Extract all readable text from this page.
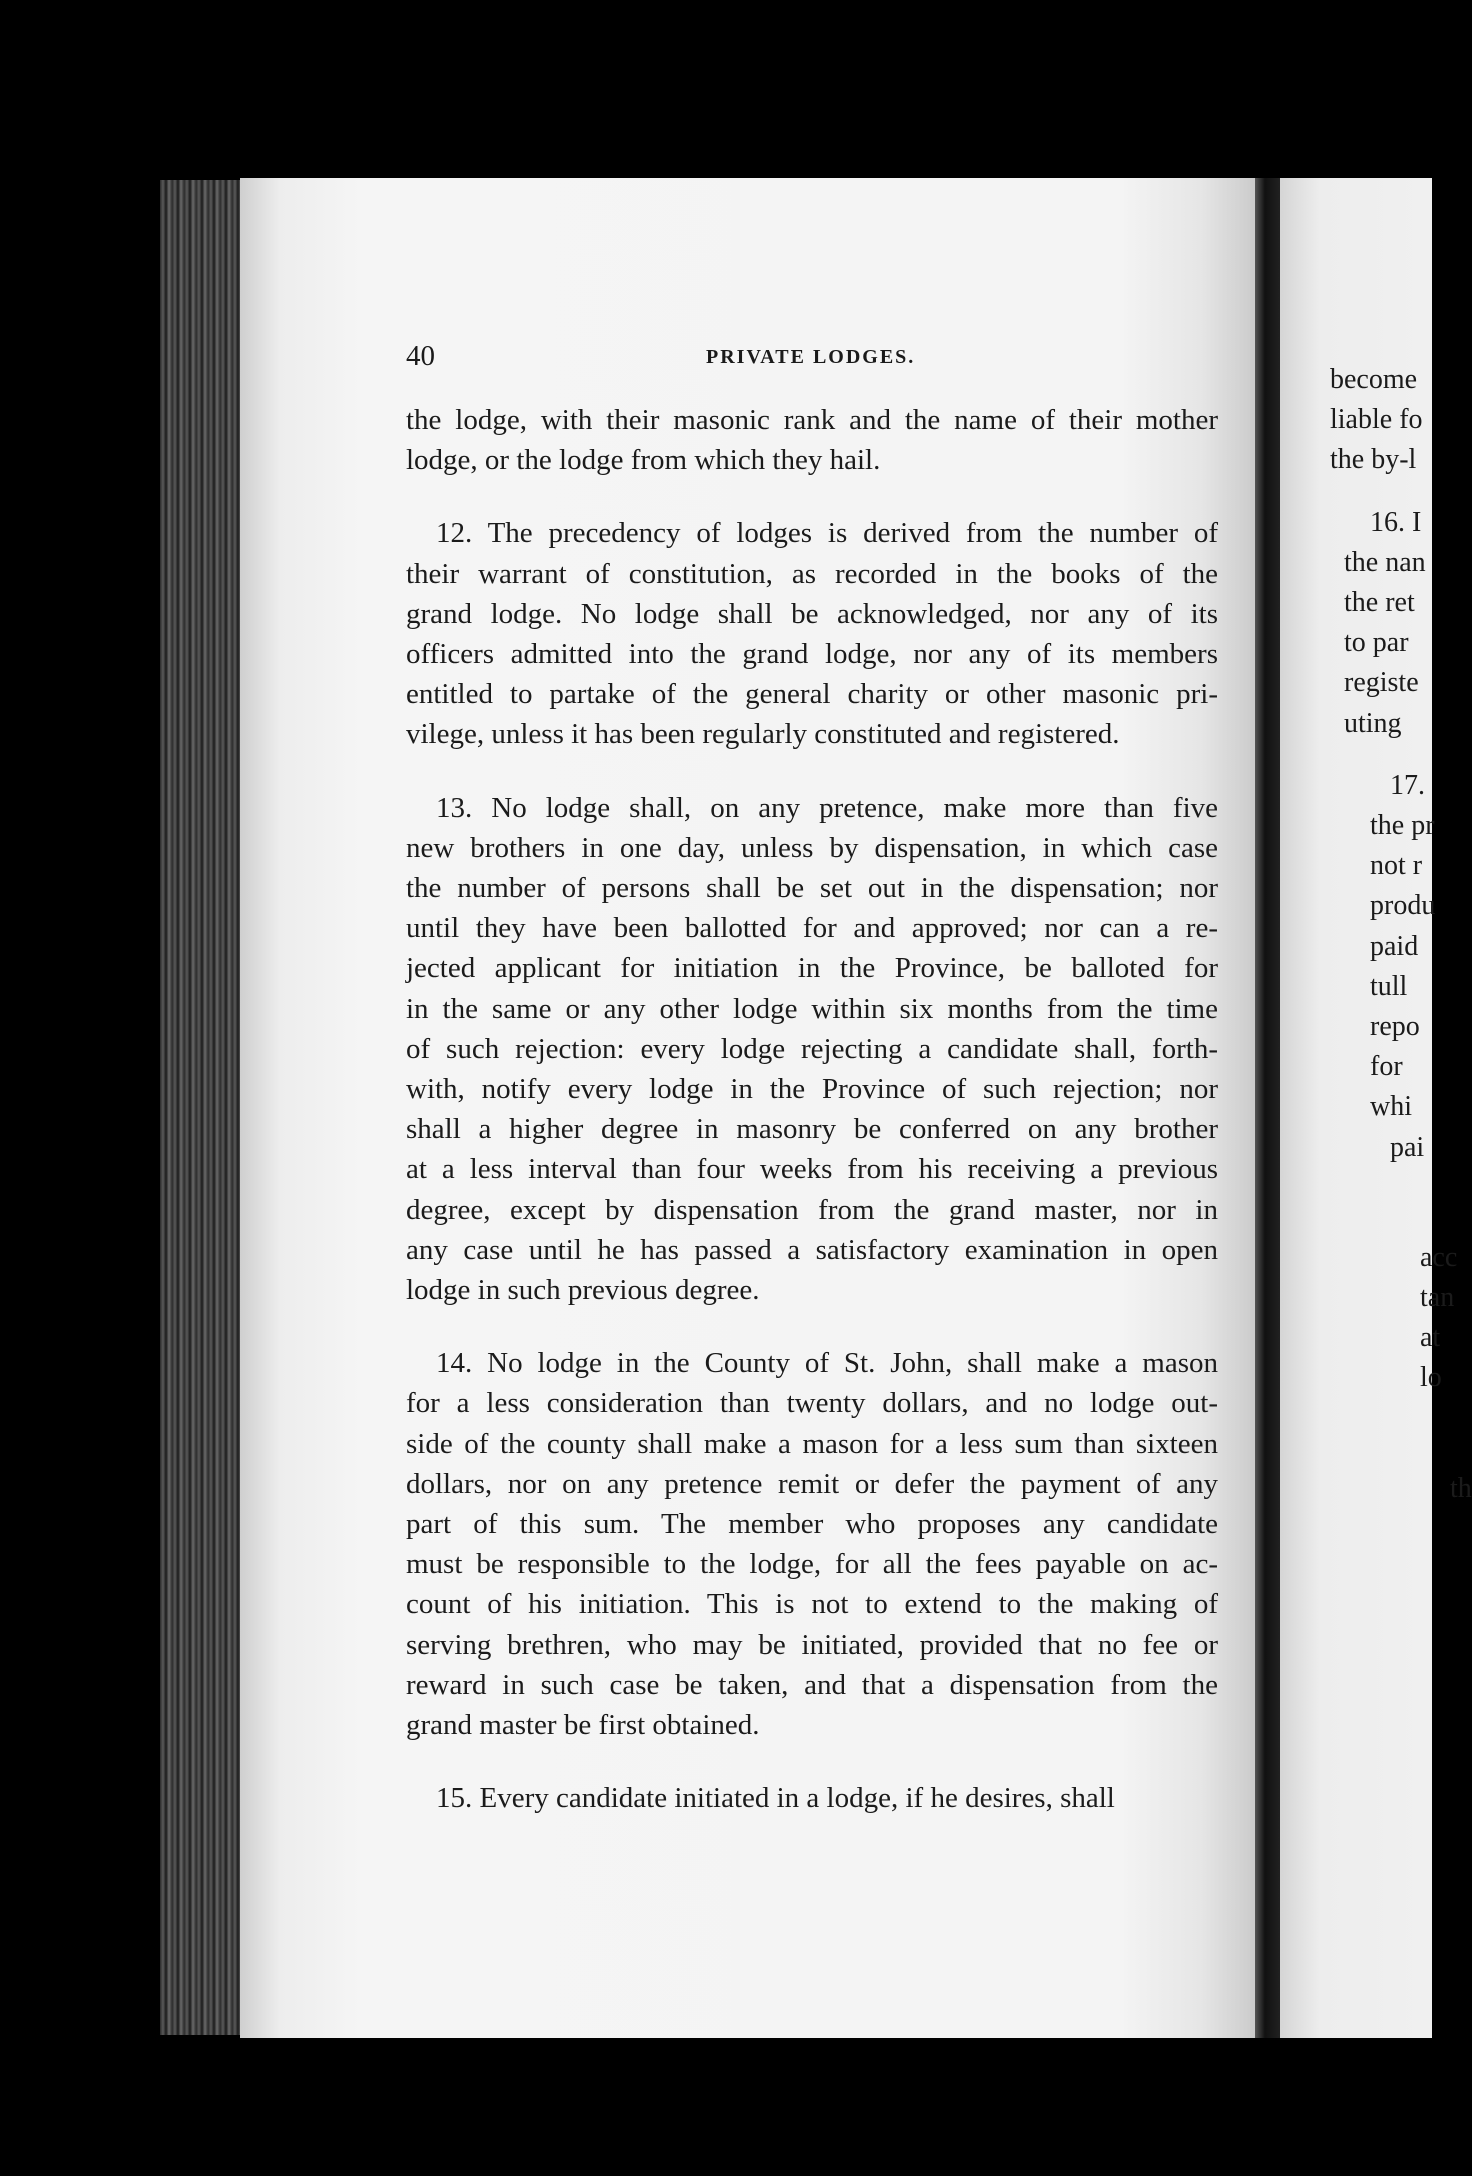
40	PRIVATE LODGES.
the lodge, with their masonic rank and the name of their mother
lodge, or the lodge from which they hail.
12. The precedency of lodges is derived from the number of
their warrant of constitution, as recorded in the books of the
grand lodge. No lodge shall be acknowledged, nor any of its
officers admitted into the grand lodge, nor any of its members
entitled to partake of the general charity or other masonic pri-
vilege, unless it has been regularly constituted and registered.
13. No lodge shall, on any pretence, make more than five
new brothers in one day, unless by dispensation, in which case
the number of persons shall be set out in the dispensation; nor
until they have been ballotted for and approved; nor can a re-
jected applicant for initiation in the Province, be balloted for
in the same or any other lodge within six months from the time
of such rejection: every lodge rejecting a candidate shall, forth-
with, notify every lodge in the Province of such rejection; nor
shall a higher degree in masonry be conferred on any brother
at a less interval than four weeks from his receiving a previous
degree, except by dispensation from the grand master, nor in
any case until he has passed a satisfactory examination in open
lodge in such previous degree.
14. No lodge in the County of St. John, shall make a mason
for a less consideration than twenty dollars, and no lodge out-
side of the county shall make a mason for a less sum than sixteen
dollars, nor on any pretence remit or defer the payment of any
part of this sum. The member who proposes any candidate
must be responsible to the lodge, for all the fees payable on ac-
count of his initiation. This is not to extend to the making of
serving brethren, who may be initiated, provided that no fee or
reward in such case be taken, and that a dispensation from the
grand master be first obtained.
15. Every candidate initiated in a lodge, if he desires, shall
become
liable fo
the by-l
16. I
the nan
the ret
to par
registe
uting
17.
the pr
not r
produ
paid
tull
repo
for
whi
pai
acc
tan
at
lo
th
